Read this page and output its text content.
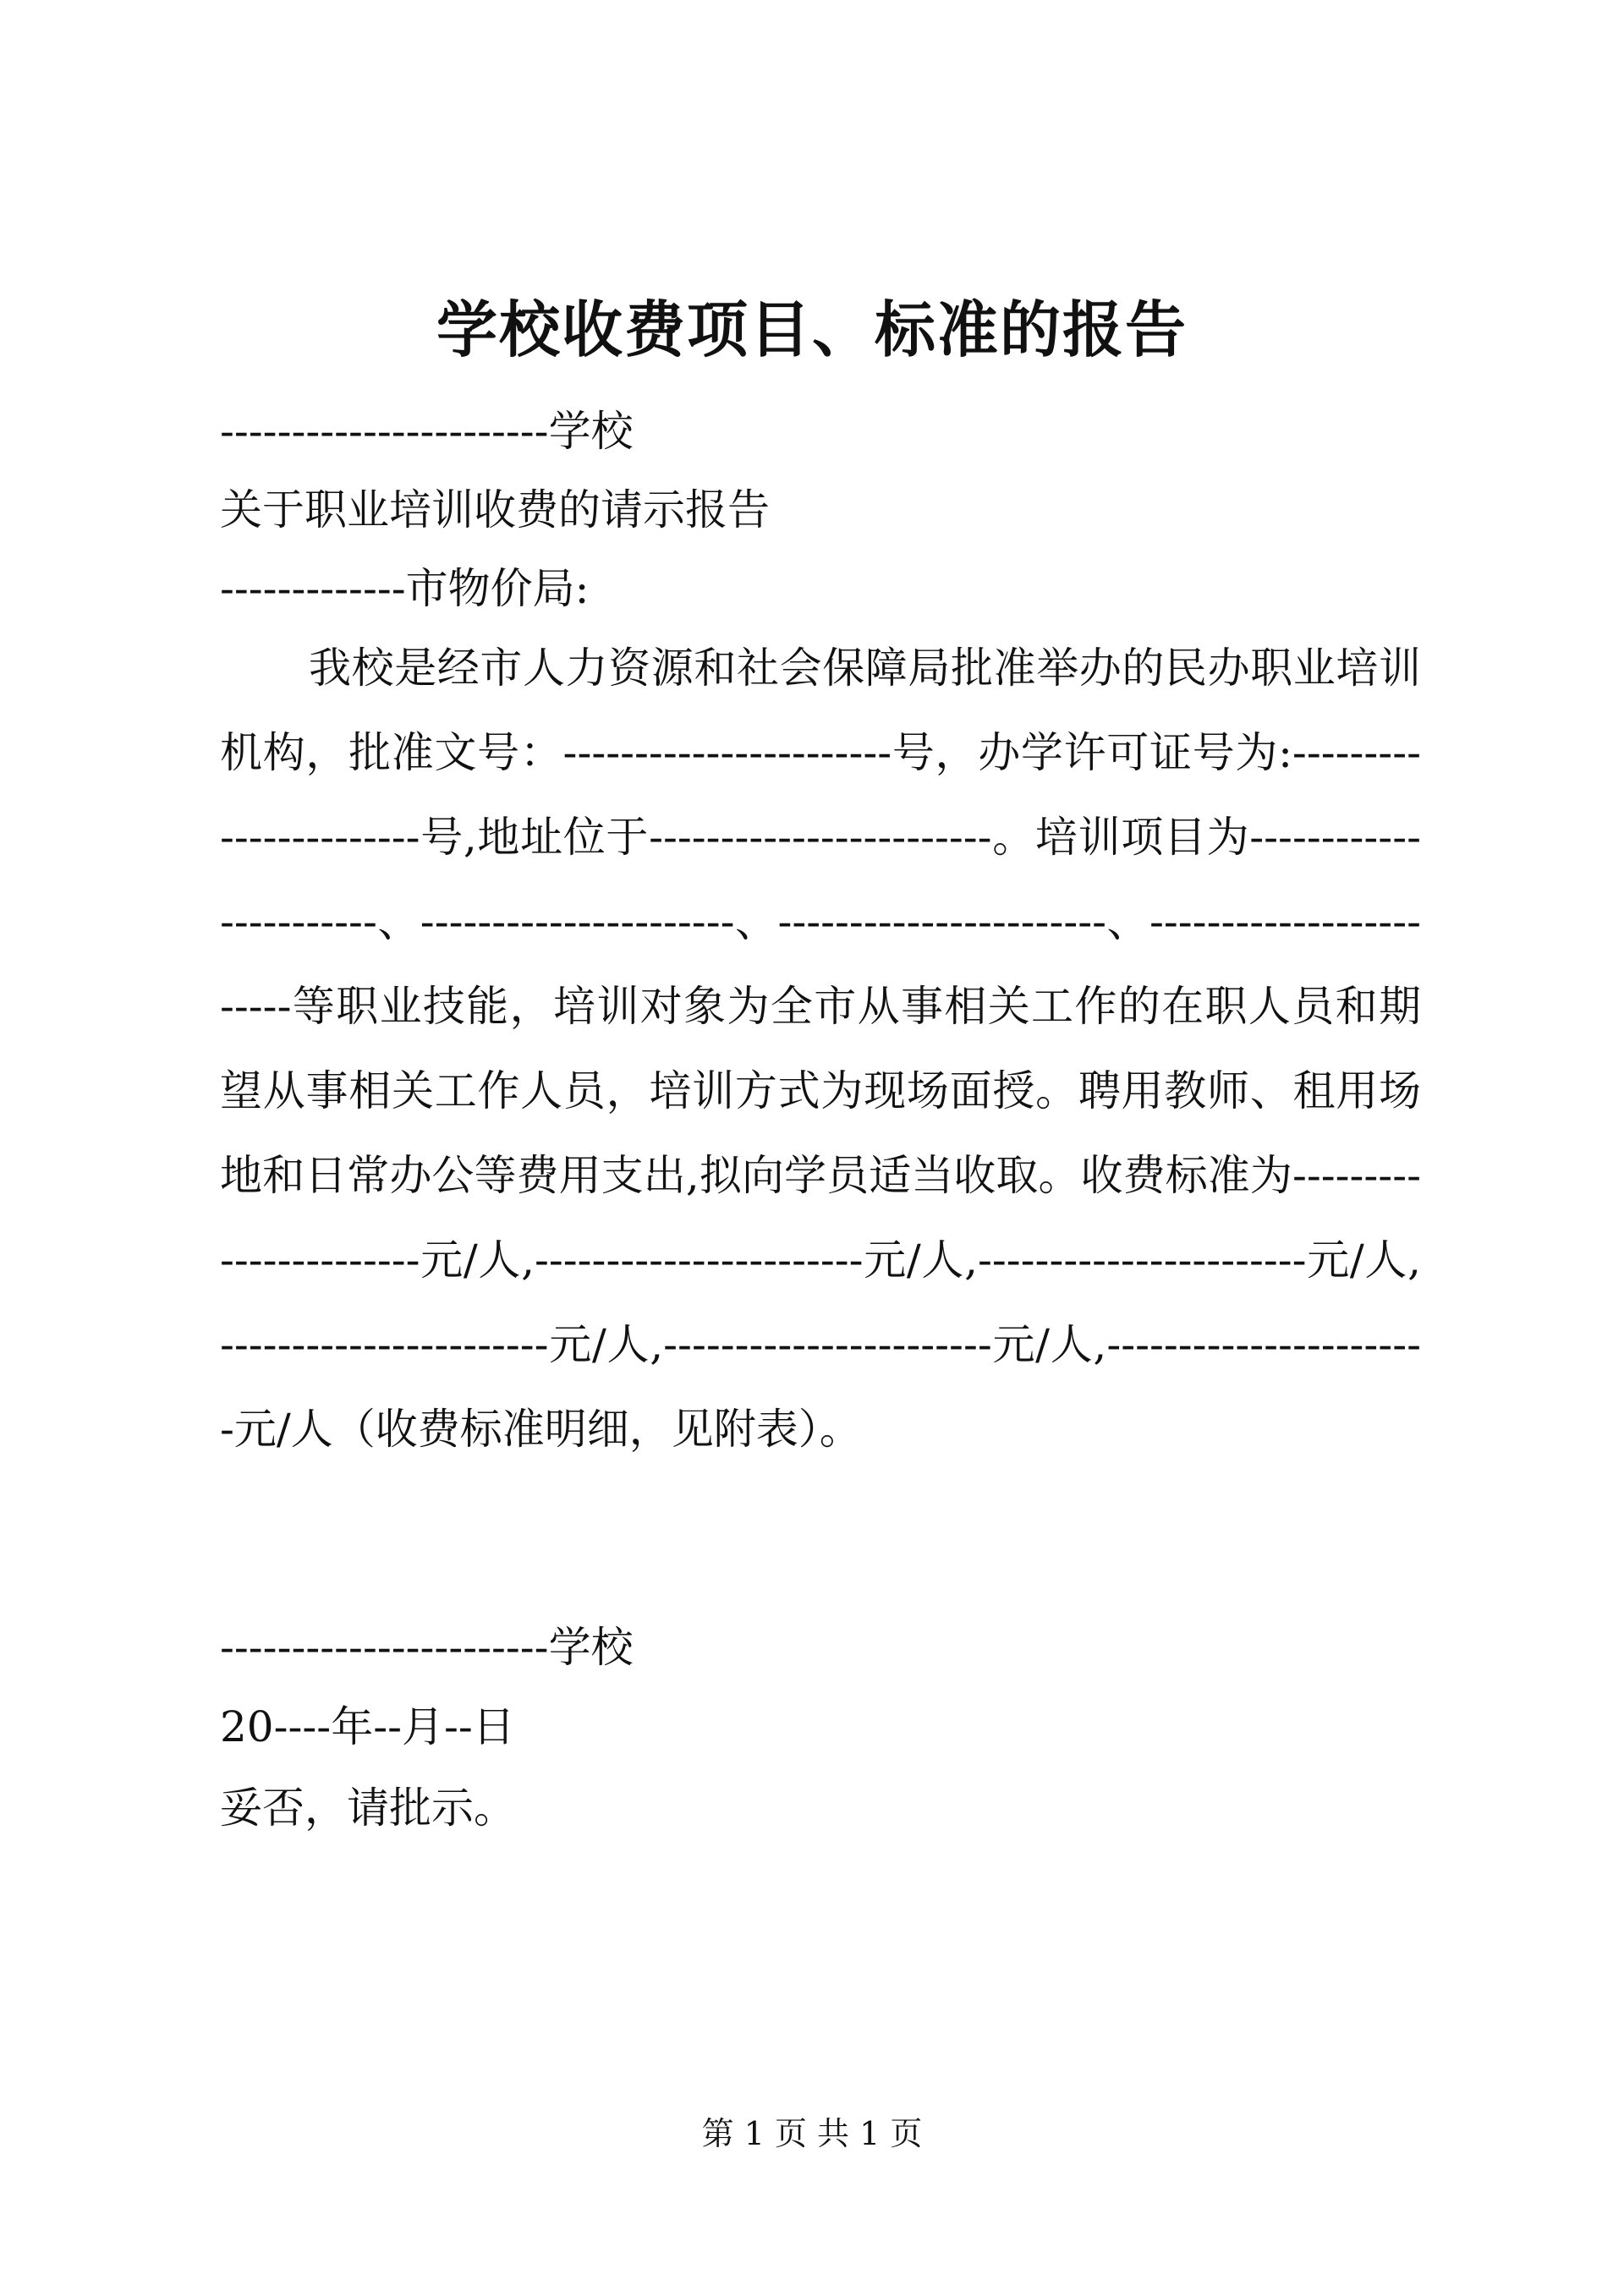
学校收费项目、标准的报告
-----------------------学校
关于职业培训收费的请示报告
-------------市物价局:
我校是经市人力资源和社会保障局批准举办的民办职业培训机构，批准文号：-----------------------号，办学许可证号为:-----------------------号,地址位于------------------------。培训项目为-----------------------、----------------------、-----------------------、------------------------等职业技能，培训对象为全市从事相关工作的在职人员和期望从事相关工作人员，培训方式为现场面授。聘用教师、租用场地和日常办公等费用支出,拟向学员适当收取。收费标准为-----------------------元/人,-----------------------元/人,-----------------------元/人,-----------------------元/人,-----------------------元/人,-----------------------元/人（收费标准明细，见附表）。
-----------------------学校
20----年--月--日
妥否，请批示。
第 1 页 共 1 页
